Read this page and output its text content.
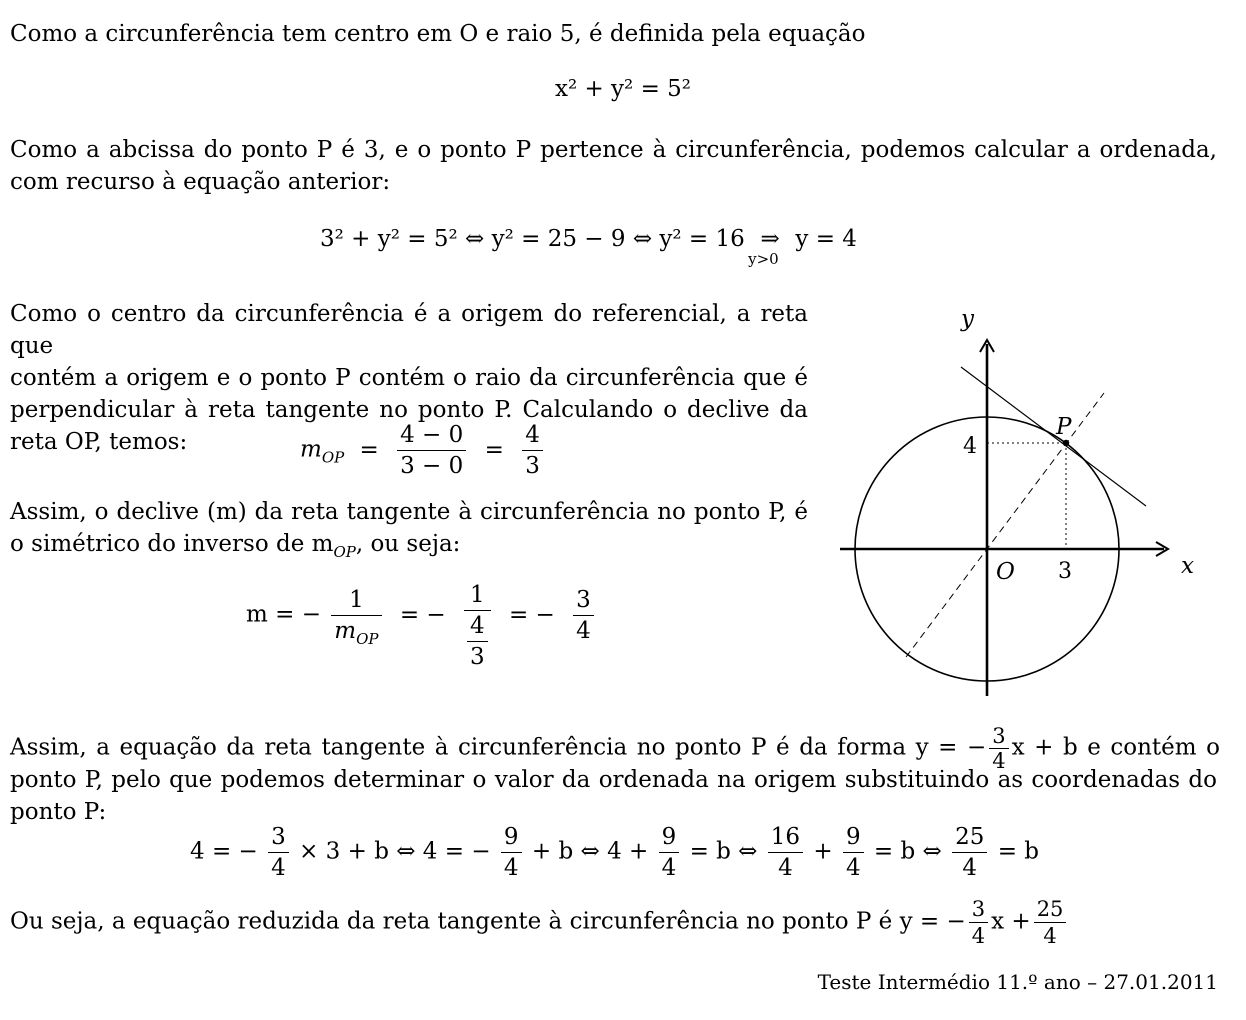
Como a circunferência tem centro em O e raio 5, é definida pela equação
x² + y² = 5²
Como a abcissa do ponto P é 3, e o ponto P pertence à circunferência, podemos calcular a ordenada,
com recurso à equação anterior:
3² + y² = 5² ⇔ y² = 25 − 9 ⇔ y² = 16 ⇒
y>0
y = 4
Como o centro da circunferência é a origem do referencial, a reta que
contém a origem e o ponto P contém o raio da circunferência que é
perpendicular à reta tangente no ponto P. Calculando o declive da
reta OP, temos:	$m_{OP} = \frac{4 - 0}{3 - 0} = \frac{4}{3}$
Assim, o declive (m) da reta tangente à circunferência no ponto P, é
o simétrico do inverso de $m_{OP}$, ou seja:
m = − $\frac{1}{m_{OP}}$ = − $\frac{1}{\frac{4}{3}}$ = − $\frac{3}{4}$
y
x
O
P
4
3
Assim, a equação da reta tangente à circunferência no ponto P é da forma y = − $\frac{3}{4}$ x + b e contém o
ponto P, pelo que podemos determinar o valor da ordenada na origem substituindo as coordenadas do
ponto P:
4 = − $\frac{3}{4} \times 3 + b$ ⇔ 4 = − $\frac{9}{4} + b$ ⇔ $4 + \frac{9}{4} = b$ ⇔ $\frac{16}{4} + \frac{9}{4} = b$ ⇔ $\frac{25}{4} = b$
Ou seja, a equação reduzida da reta tangente à circunferência no ponto P é y = − $\frac{3}{4}$ $x + \frac{25}{4}$
Teste Intermédio 11.º ano – 27.01.2011
